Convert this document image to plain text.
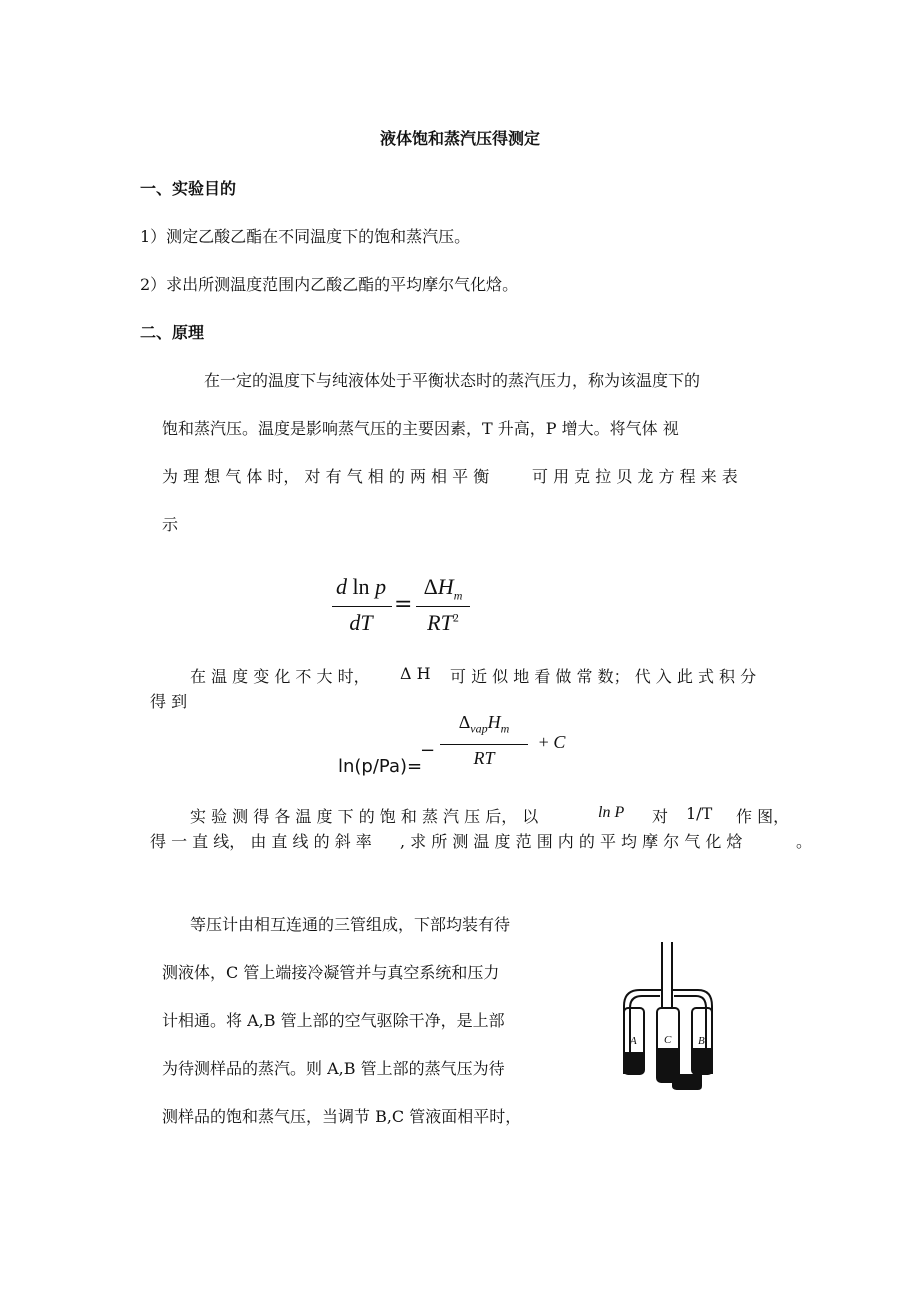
液体饱和蒸汽压得测定
一、实验目的
1）测定乙酸乙酯在不同温度下的饱和蒸汽压。
2）求出所测温度范围内乙酸乙酯的平均摩尔气化焓。
二、原理
在一定的温度下与纯液体处于平衡状态时的蒸汽压力，称为该温度下的
饱和蒸汽压。温度是影响蒸气压的主要因素，T 升高，P 增大。将气体 视
为 理 想 气 体 时， 对 有 气 相 的 两 相 平 衡	可 用 克 拉 贝 龙 方 程 来 表
示
d ln p
dT
=
$\Delta H_m$
$RT^2$
在 温 度 变 化 不 大 时， Δ H 可 近 似 地 看 做 常 数； 代 入 此 式 积 分
得 到
ln(p/Pa)=
−
$\Delta_{vap}H_m$
RT
+ C
实 验 测 得 各 温 度 下 的 饱 和 蒸 汽 压 后， 以	ln P 对 1/T 作 图，
得 一 直 线， 由 直 线 的 斜 率 , 求 所 测 温 度 范 围 内 的 平 均 摩 尔 气 化 焓	。
等压计由相互连通的三管组成，下部均装有待
测液体，C 管上端接冷凝管并与真空系统和压力
计相通。将 A,B 管上部的空气驱除干净，是上部
为待测样品的蒸汽。则 A,B 管上部的蒸气压为待
测样品的饱和蒸气压，当调节 B,C 管液面相平时，
A C B
